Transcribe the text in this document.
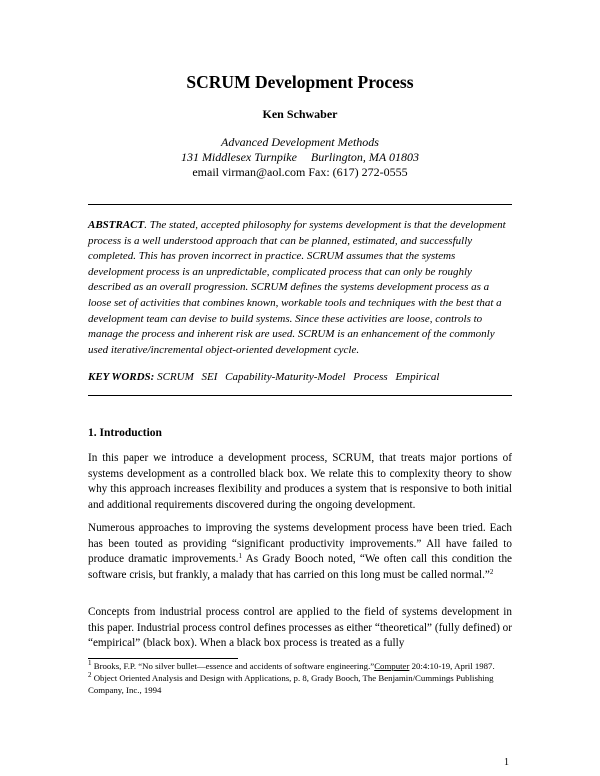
SCRUM Development Process
Ken Schwaber
Advanced Development Methods
131 Middlesex Turnpike Burlington, MA 01803
email virman@aol.com Fax: (617) 272-0555
ABSTRACT. The stated, accepted philosophy for systems development is that the development process is a well understood approach that can be planned, estimated, and successfully completed. This has proven incorrect in practice. SCRUM assumes that the systems development process is an unpredictable, complicated process that can only be roughly described as an overall progression. SCRUM defines the systems development process as a loose set of activities that combines known, workable tools and techniques with the best that a development team can devise to build systems. Since these activities are loose, controls to manage the process and inherent risk are used. SCRUM is an enhancement of the commonly used iterative/incremental object-oriented development cycle.
KEY WORDS: SCRUM SEI Capability-Maturity-Model Process Empirical
1. Introduction
In this paper we introduce a development process, SCRUM, that treats major portions of systems development as a controlled black box. We relate this to complexity theory to show why this approach increases flexibility and produces a system that is responsive to both initial and additional requirements discovered during the ongoing development.
Numerous approaches to improving the systems development process have been tried. Each has been touted as providing “significant productivity improvements.” All have failed to produce dramatic improvements.$^1$ As Grady Booch noted, “We often call this condition the software crisis, but frankly, a malady that has carried on this long must be called normal.”$^2$
Concepts from industrial process control are applied to the field of systems development in this paper. Industrial process control defines processes as either “theoretical” (fully defined) or “empirical” (black box). When a black box process is treated as a fully
$^1$ Brooks, F.P. “No silver bullet—essence and accidents of software engineering.”Computer 20:4:10-19, April 1987.
$^2$ Object Oriented Analysis and Design with Applications, p. 8, Grady Booch, The Benjamin/Cummings Publishing Company, Inc., 1994
1
